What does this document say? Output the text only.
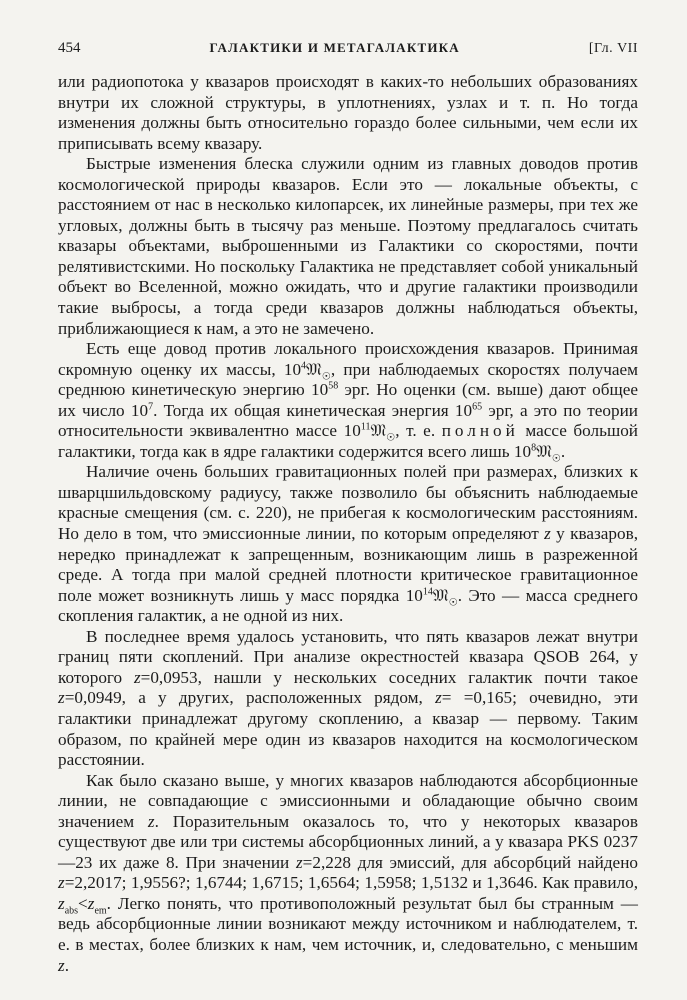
454	ГАЛАКТИКИ И МЕТАГАЛАКТИКА	[Гл. VII

или радиопотока у квазаров происходят в каких-то небольших образованиях внутри их сложной структуры, в уплотнениях, узлах и т. п. Но тогда изменения должны быть относительно гораздо более сильными, чем если их приписывать всему квазару.

Быстрые изменения блеска служили одним из главных доводов против космологической природы квазаров. Если это — локальные объекты, с расстоянием от нас в несколько килопарсек, их линейные размеры, при тех же угловых, должны быть в тысячу раз меньше. Поэтому предлагалось считать квазары объектами, выброшенными из Галактики со скоростями, почти релятивистскими. Но поскольку Галактика не представляет собой уникальный объект во Вселенной, можно ожидать, что и другие галактики производили такие выбросы, а тогда среди квазаров должны наблюдаться объекты, приближающиеся к нам, а это не замечено.

Есть еще довод против локального происхождения квазаров. Принимая скромную оценку их массы, $10^4𝔐_☉$, при наблюдаемых скоростях получаем среднюю кинетическую энергию $10^{58}$ эрг. Но оценки (см. выше) дают общее их число $10^7$. Тогда их общая кинетическая энергия $10^{65}$ эрг, а это по теории относительности эквивалентно массе $10^{11}𝔐_☉$, т. е. полной массе большой галактики, тогда как в ядре галактики содержится всего лишь $10^8𝔐_☉$.

Наличие очень больших гравитационных полей при размерах, близких к шварцшильдовскому радиусу, также позволило бы объяснить наблюдаемые красные смещения (см. с. 220), не прибегая к космологическим расстояниям. Но дело в том, что эмиссионные линии, по которым определяют z у квазаров, нередко принадлежат к запрещенным, возникающим лишь в разреженной среде. А тогда при малой средней плотности критическое гравитационное поле может возникнуть лишь у масс порядка $10^{14}𝔐_☉$. Это — масса среднего скопления галактик, а не одной из них.

В последнее время удалось установить, что пять квазаров лежат внутри границ пяти скоплений. При анализе окрестностей квазара QSOB 264, у которого z=0,0953, нашли у нескольких соседних галактик почти такое z=0,0949, а у других, расположенных рядом, z= =0,165; очевидно, эти галактики принадлежат другому скоплению, а квазар — первому. Таким образом, по крайней мере один из квазаров находится на космологическом расстоянии.

Как было сказано выше, у многих квазаров наблюдаются абсорбционные линии, не совпадающие с эмиссионными и обладающие обычно своим значением z. Поразительным оказалось то, что у некоторых квазаров существуют две или три системы абсорбционных линий, а у квазара PKS 0237—23 их даже 8. При значении z=2,228 для эмиссий, для абсорбций найдено z=2,2017; 1,9556?; 1,6744; 1,6715; 1,6564; 1,5958; 1,5132 и 1,3646. Как правило, $z_{abs}<z_{em}$. Легко понять, что противоположный результат был бы странным — ведь абсорбционные линии возникают между источником и наблюдателем, т. е. в местах, более близких к нам, чем источник, и, следовательно, с меньшим z.
